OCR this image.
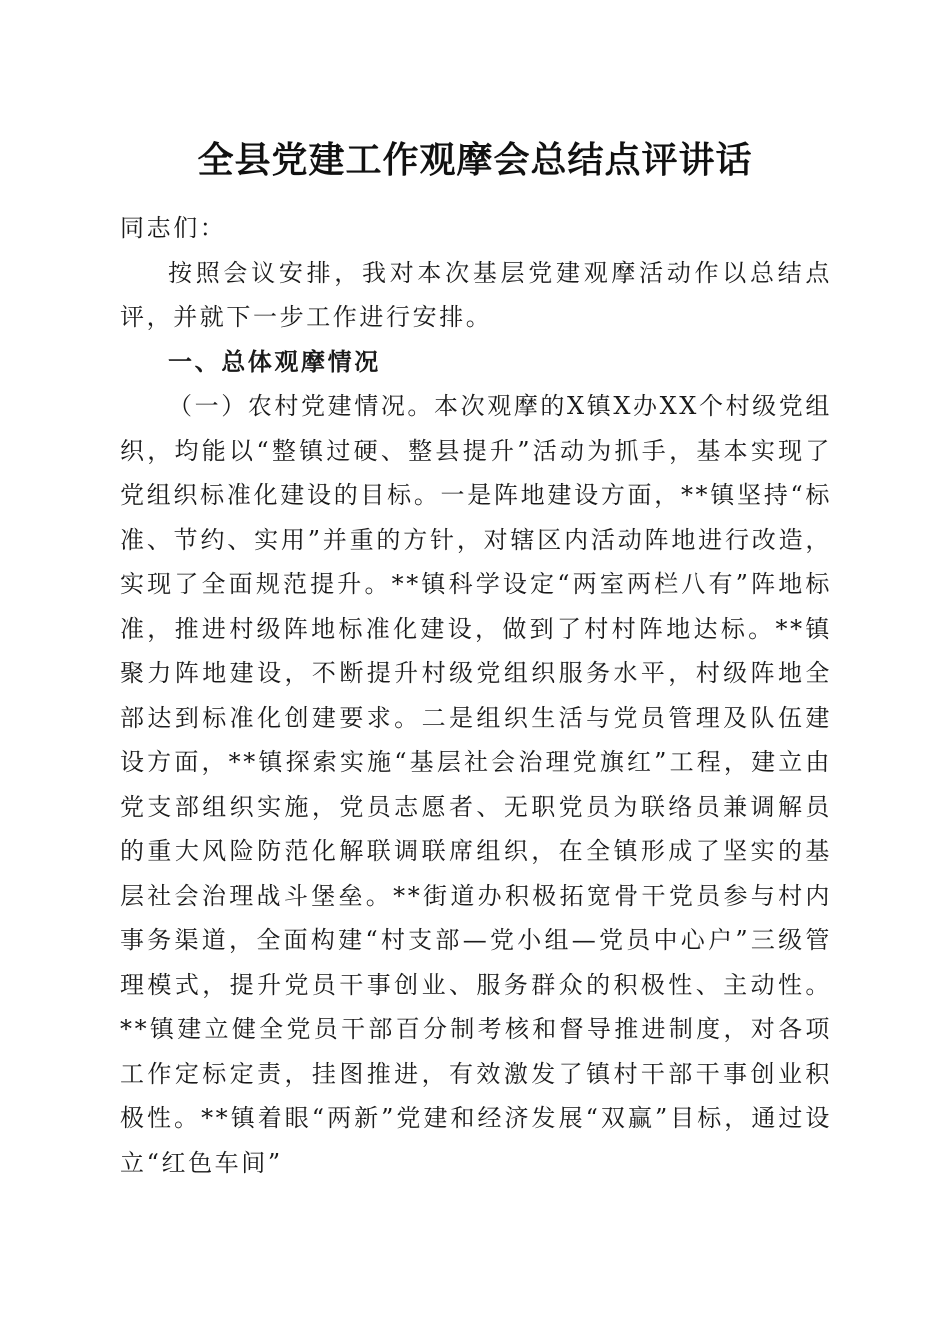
全县党建工作观摩会总结点评讲话

同志们：

按照会议安排，我对本次基层党建观摩活动作以总结点评，并就下一步工作进行安排。

一、总体观摩情况

（一）农村党建情况。本次观摩的X镇X办XX个村级党组织，均能以“整镇过硬、整县提升”活动为抓手，基本实现了党组织标准化建设的目标。一是阵地建设方面，**镇坚持“标准、节约、实用”并重的方针，对辖区内活动阵地进行改造，实现了全面规范提升。**镇科学设定“两室两栏八有”阵地标准，推进村级阵地标准化建设，做到了村村阵地达标。**镇聚力阵地建设，不断提升村级党组织服务水平，村级阵地全部达到标准化创建要求。二是组织生活与党员管理及队伍建设方面，**镇探索实施“基层社会治理党旗红”工程，建立由党支部组织实施，党员志愿者、无职党员为联络员兼调解员的重大风险防范化解联调联席组织，在全镇形成了坚实的基层社会治理战斗堡垒。**街道办积极拓宽骨干党员参与村内事务渠道，全面构建“村支部—党小组—党员中心户”三级管理模式，提升党员干事创业、服务群众的积极性、主动性。**镇建立健全党员干部百分制考核和督导推进制度，对各项工作定标定责，挂图推进，有效激发了镇村干部干事创业积极性。**镇着眼“两新”党建和经济发展“双赢”目标，通过设立“红色车间”
